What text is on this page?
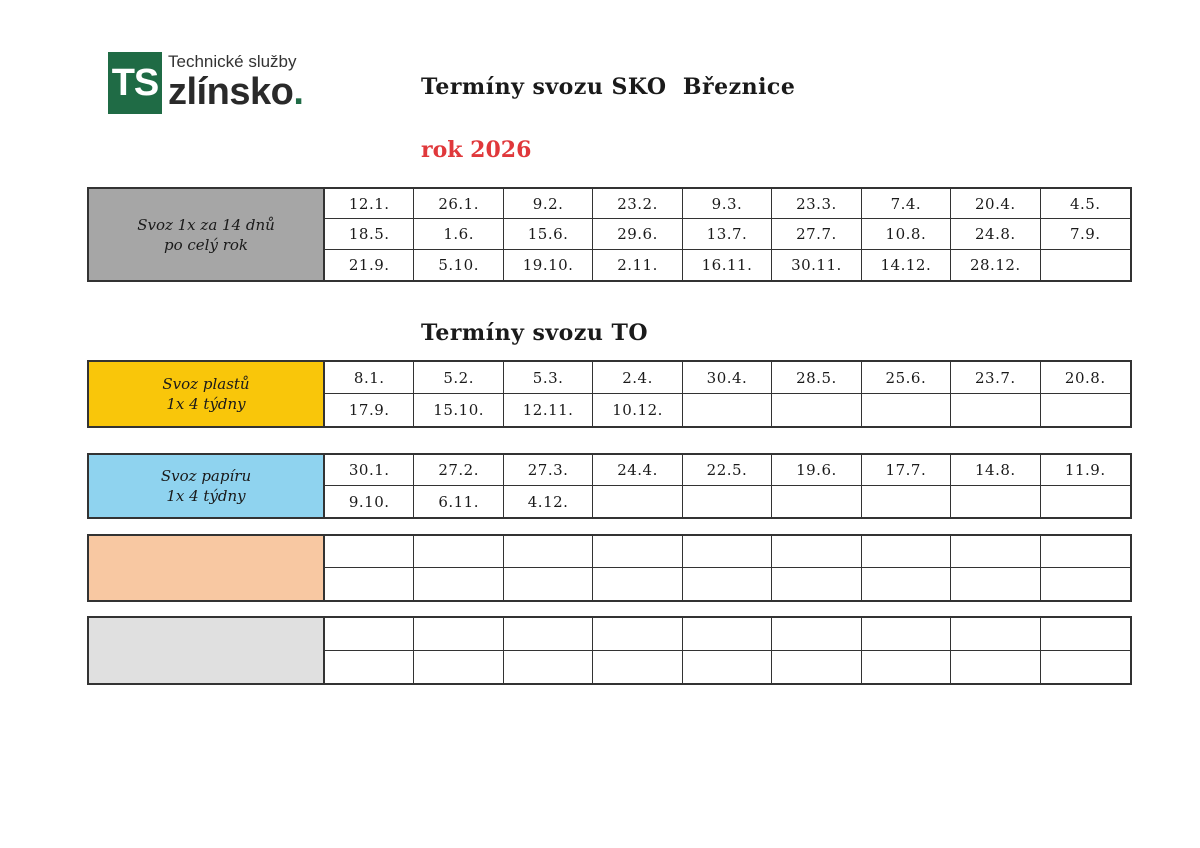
TS Technické služby
zlínsko.	Termíny svozu SKO  Březnice
rok 2026
Termíny svozu TO
Svoz 1x za 14 dnů
po celý rok
12.1.	26.1.	9.2.	23.2.	9.3.	23.3.	7.4.	20.4.	4.5.
18.5.	1.6.	15.6.	29.6.	13.7.	27.7.	10.8.	24.8.	7.9.
21.9.	5.10.	19.10.	2.11.	16.11.	30.11.	14.12.	28.12.
Svoz plastů
1x 4 týdny
8.1.	5.2.	5.3.	2.4.	30.4.	28.5.	25.6.	23.7.	20.8.
17.9.	15.10.	12.11.	10.12.
Svoz papíru
1x 4 týdny
30.1.	27.2.	27.3.	24.4.	22.5.	19.6.	17.7.	14.8.	11.9.
9.10.	6.11.	4.12.
